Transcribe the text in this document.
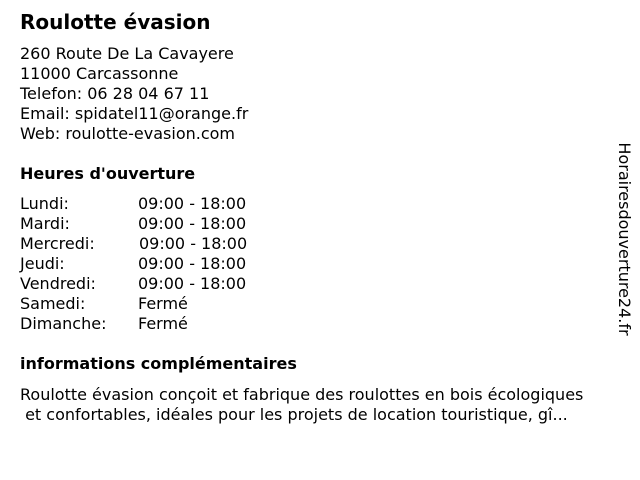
Roulotte évasion
260 Route De La Cavayere
11000 Carcassonne
Telefon: 06 28 04 67 11
Email: spidatel11@orange.fr
Web: roulotte-evasion.com
Heures d'ouverture
Lundi:	09:00 - 18:00
Mardi:	09:00 - 18:00
Mercredi:	09:00 - 18:00
Jeudi:	09:00 - 18:00
Vendredi:	09:00 - 18:00
Samedi:	Fermé
Dimanche: Fermé
informations complémentaires
Roulotte évasion conçoit et fabrique des roulottes en bois écologiques
et confortables, idéales pour les projets de location touristique, gî...
Horairesdouverture24.fr
